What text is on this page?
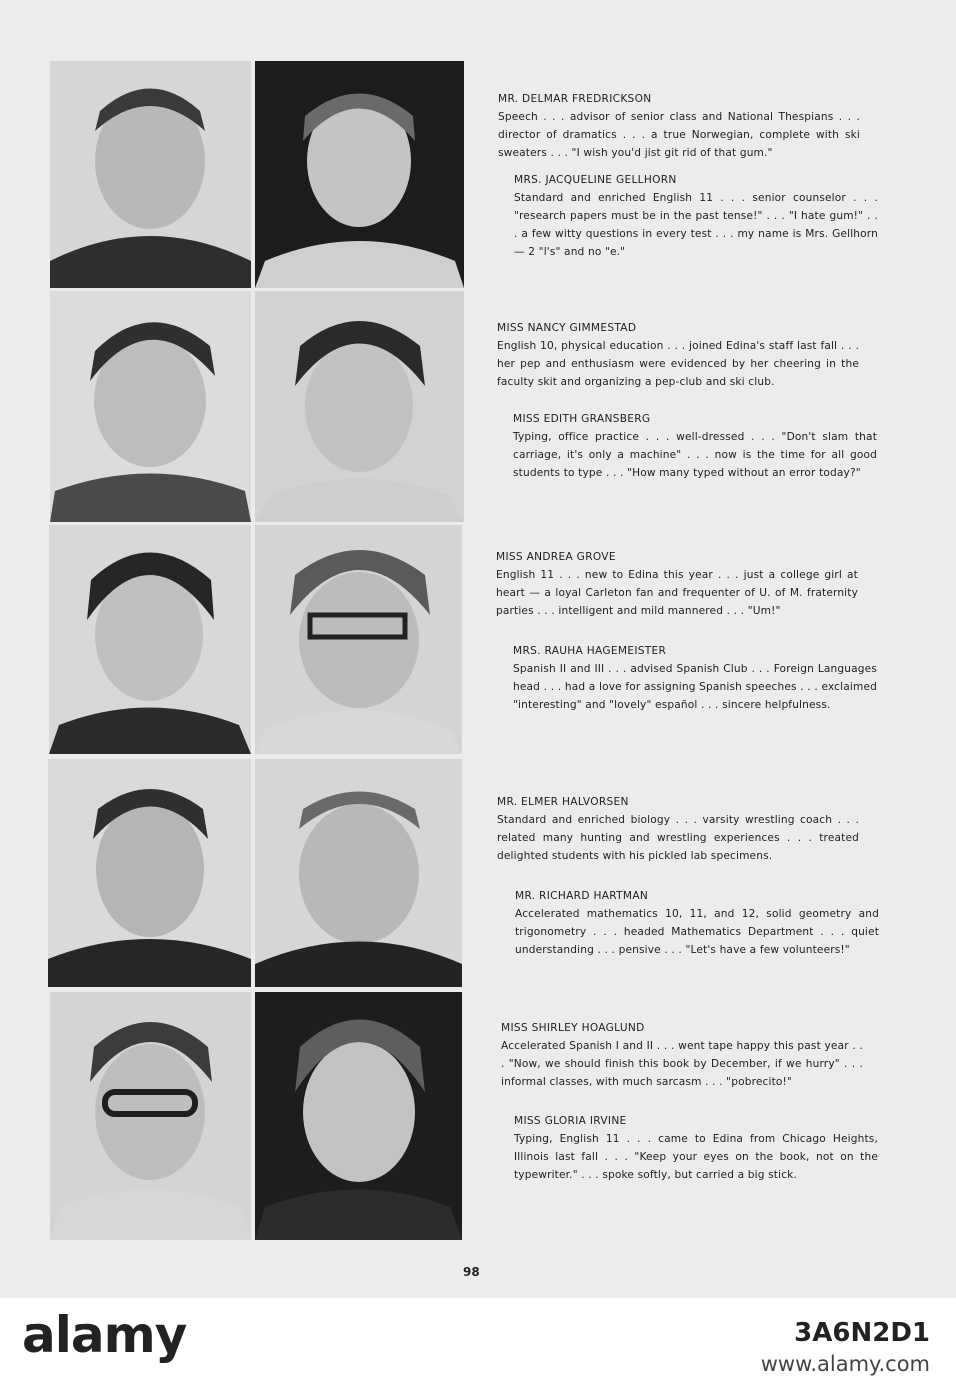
MR. DELMAR FREDRICKSON
Speech . . . advisor of senior class and National Thespians . . . director of dramatics . . . a true Norwegian, complete with ski sweaters . . . "I wish you'd jist git rid of that gum."
MRS. JACQUELINE GELLHORN
Standard and enriched English 11 . . . senior counselor . . . "research papers must be in the past tense!" . . . "I hate gum!" . . . a few witty questions in every test . . . my name is Mrs. Gellhorn — 2 "l's" and no "e."
MISS NANCY GIMMESTAD
English 10, physical education . . . joined Edina's staff last fall . . . her pep and enthusiasm were evidenced by her cheering in the faculty skit and organizing a pep-club and ski club.
MISS EDITH GRANSBERG
Typing, office practice . . . well-dressed . . . "Don't slam that carriage, it's only a machine" . . . now is the time for all good students to type . . . "How many typed without an error today?"
MISS ANDREA GROVE
English 11 . . . new to Edina this year . . . just a college girl at heart — a loyal Carleton fan and frequenter of U. of M. fraternity parties . . . intelligent and mild mannered . . . "Um!"
MRS. RAUHA HAGEMEISTER
Spanish II and III . . . advised Spanish Club . . . Foreign Languages head . . . had a love for assigning Spanish speeches . . . exclaimed "interesting" and "lovely" español . . . sincere helpfulness.
MR. ELMER HALVORSEN
Standard and enriched biology . . . varsity wrestling coach . . . related many hunting and wrestling experiences . . . treated delighted students with his pickled lab specimens.
MR. RICHARD HARTMAN
Accelerated mathematics 10, 11, and 12, solid geometry and trigonometry . . . headed Mathematics Department . . . quiet understanding . . . pensive . . . "Let's have a few volunteers!"
MISS SHIRLEY HOAGLUND
Accelerated Spanish I and II . . . went tape happy this past year . . . "Now, we should finish this book by December, if we hurry" . . . informal classes, with much sarcasm . . . "pobrecito!"
MISS GLORIA IRVINE
Typing, English 11 . . . came to Edina from Chicago Heights, Illinois last fall . . . "Keep your eyes on the book, not on the typewriter." . . . spoke softly, but carried a big stick.
98
alamy	3A6N2D1
www.alamy.com
